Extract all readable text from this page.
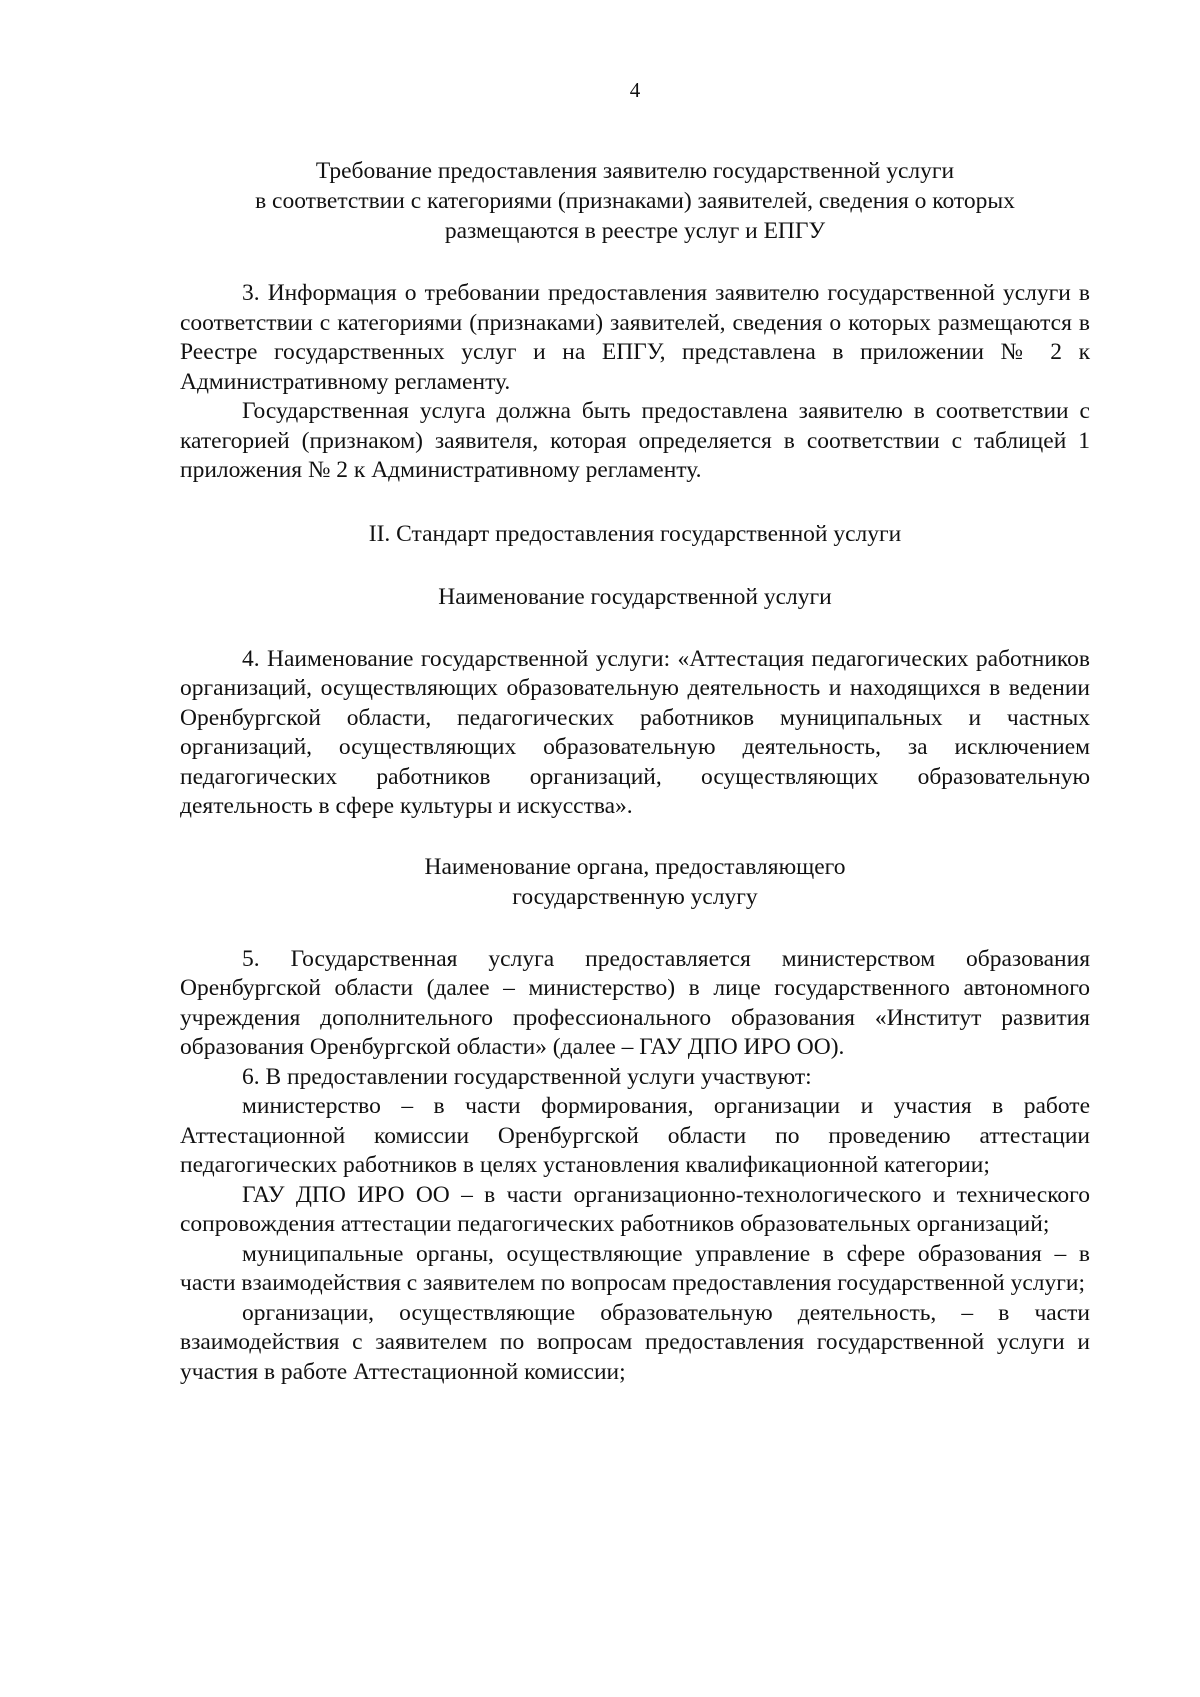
4
Требование предоставления заявителю государственной услуги
в соответствии с категориями (признаками) заявителей, сведения о которых
размещаются в реестре услуг и ЕПГУ

3. Информация о требовании предоставления заявителю государственной услуги в соответствии с категориями (признаками) заявителей, сведения о которых размещаются в Реестре государственных услуг и на ЕПГУ, представлена в приложении № 2 к Административному регламенту.

Государственная услуга должна быть предоставлена заявителю в соответствии с категорией (признаком) заявителя, которая определяется в соответствии с таблицей 1 приложения № 2 к Административному регламенту.

II. Стандарт предоставления государственной услуги
Наименование государственной услуги

4. Наименование государственной услуги: «Аттестация педагогических работников организаций, осуществляющих образовательную деятельность и находящихся в ведении Оренбургской области, педагогических работников муниципальных и частных организаций, осуществляющих образовательную деятельность, за исключением педагогических работников организаций, осуществляющих образовательную деятельность в сфере культуры и искусства».

Наименование органа, предоставляющего
государственную услугу

5. Государственная услуга предоставляется министерством образования Оренбургской области (далее – министерство) в лице государственного автономного учреждения дополнительного профессионального образования «Институт развития образования Оренбургской области» (далее – ГАУ ДПО ИРО ОО).

6. В предоставлении государственной услуги участвуют:

министерство – в части формирования, организации и участия в работе Аттестационной комиссии Оренбургской области по проведению аттестации педагогических работников в целях установления квалификационной категории;

ГАУ ДПО ИРО ОО – в части организационно-технологического и технического сопровождения аттестации педагогических работников образовательных организаций;

муниципальные органы, осуществляющие управление в сфере образования – в части взаимодействия с заявителем по вопросам предоставления государственной услуги;

организации, осуществляющие образовательную деятельность, – в части взаимодействия с заявителем по вопросам предоставления государственной услуги и участия в работе Аттестационной комиссии;
